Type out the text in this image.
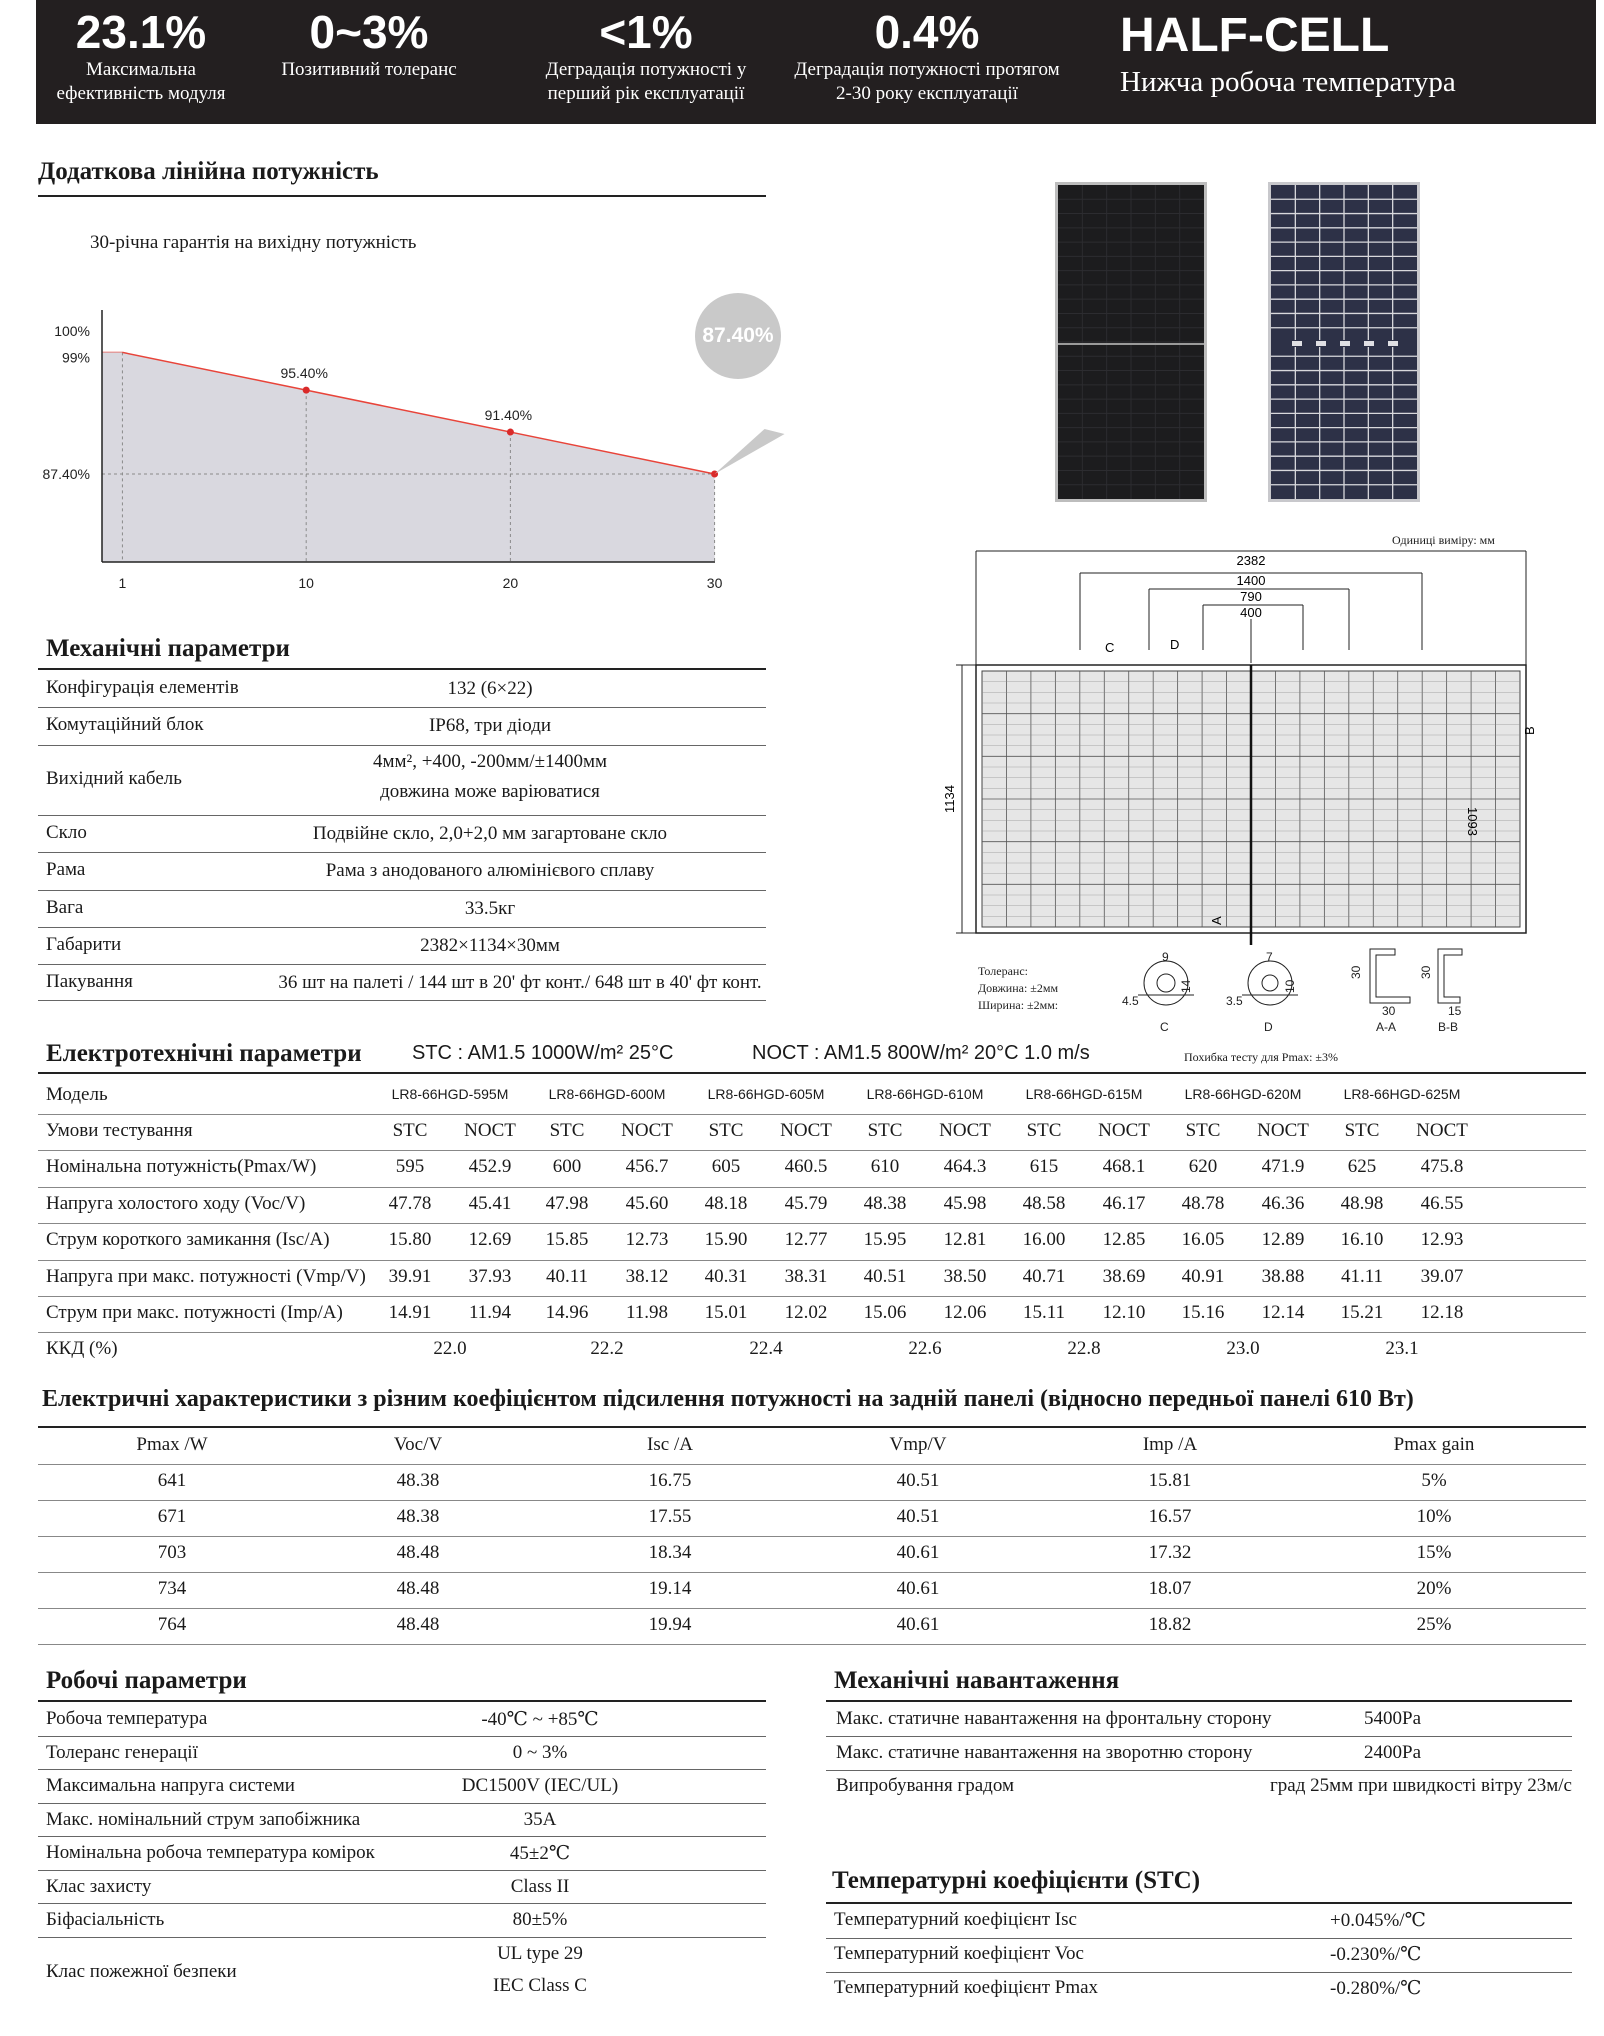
23.1%
Максимальна
ефективність модуля
0~3%
Позитивний толеранс
<1%
Деградація потужності у
перший рік експлуатації
0.4%
Деградація потужності протягом
2-30 року експлуатації
HALF-CELL
Нижча робоча температура
Додаткова лінійна потужність
30-річна гарантія на вихідну потужність
95.40%
91.40%
100%
99%
87.40%
1	10	20	30
87.40%
Одиниці виміру: мм
2382
1400
790
400
C	D
1134
1093
B
A
9
14
4.5
7
10
3.5
30
30
30
15
C	D	A-A	B-B
Толеранс:
Довжина: ±2мм
Ширина: ±2мм:
Механічні параметри
Конфігурація елементів	132 (6×22)
Комутаційний блок	IP68, три діоди
Вихідний кабель
4мм², +400, -200мм/±1400мм
довжина може варіюватися
Скло	Подвійне скло, 2,0+2,0 мм загартоване скло
Рама	Рама з анодованого алюмінієвого сплаву
Вага	33.5кг
Габарити	2382×1134×30мм
Пакування	36 шт на палеті / 144 шт в 20' фт конт./ 648 шт в 40' фт конт.
Електротехнічні параметри	STC : AM1.5 1000W/m² 25°C	NOCT : AM1.5 800W/m² 20°C 1.0 m/s	Похибка тесту для Pmax: ±3%
Модель	LR8-66HGD-595M	LR8-66HGD-600M	LR8-66HGD-605M	LR8-66HGD-610M	LR8-66HGD-615M	LR8-66HGD-620M	LR8-66HGD-625M
Умови тестування	STC	NOCT	STC	NOCT	STC	NOCT	STC	NOCT	STC	NOCT	STC	NOCT	STC	NOCT
Номінальна потужність(Pmax/W)	595	452.9	600	456.7	605	460.5	610	464.3	615	468.1	620	471.9	625	475.8
Напруга холостого ходу (Voc/V)	47.78	45.41	47.98	45.60	48.18	45.79	48.38	45.98	48.58	46.17	48.78	46.36	48.98	46.55
Струм короткого замикання (Isc/A)	15.80	12.69	15.85	12.73	15.90	12.77	15.95	12.81	16.00	12.85	16.05	12.89	16.10	12.93
Напруга при макс. потужності (Vmp/V)	39.91	37.93	40.11	38.12	40.31	38.31	40.51	38.50	40.71	38.69	40.91	38.88	41.11	39.07
Струм при макс. потужності (Imp/A)	14.91	11.94	14.96	11.98	15.01	12.02	15.06	12.06	15.11	12.10	15.16	12.14	15.21	12.18
ККД (%)	22.0	22.2	22.4	22.6	22.8	23.0	23.1
Електричні характеристики з різним коефіцієнтом підсилення потужності на задній панелі (відносно передньої панелі 610 Вт)
Pmax /W	Voc/V	Isc /A	Vmp/V	Imp /A	Pmax gain
641	48.38	16.75	40.51	15.81	5%
671	48.38	17.55	40.51	16.57	10%
703	48.48	18.34	40.61	17.32	15%
734	48.48	19.14	40.61	18.07	20%
764	48.48	19.94	40.61	18.82	25%
Робочі параметри
Робоча температура	-40℃ ~ +85℃
Толеранс генерації	0 ~ 3%
Максимальна напруга системи	DC1500V (IEC/UL)
Макс. номінальний струм запобіжника	35A
Номінальна робоча температура комірок	45±2℃
Клас захисту	Class II
Біфасіальність	80±5%
Клас пожежної безпеки
UL type 29
IEC Class C
Механічні навантаження
Макс. статичне навантаження на фронтальну сторону	5400Pa
Макс. статичне навантаження на зворотню сторону	2400Pa
Випробування градом	град 25мм при швидкості вітру 23м/с
Температурні коефіцієнти (STC)
Температурний коефіцієнт Isc	+0.045%/℃
Температурний коефіцієнт Voc	-0.230%/℃
Температурний коефіцієнт Pmax	-0.280%/℃
